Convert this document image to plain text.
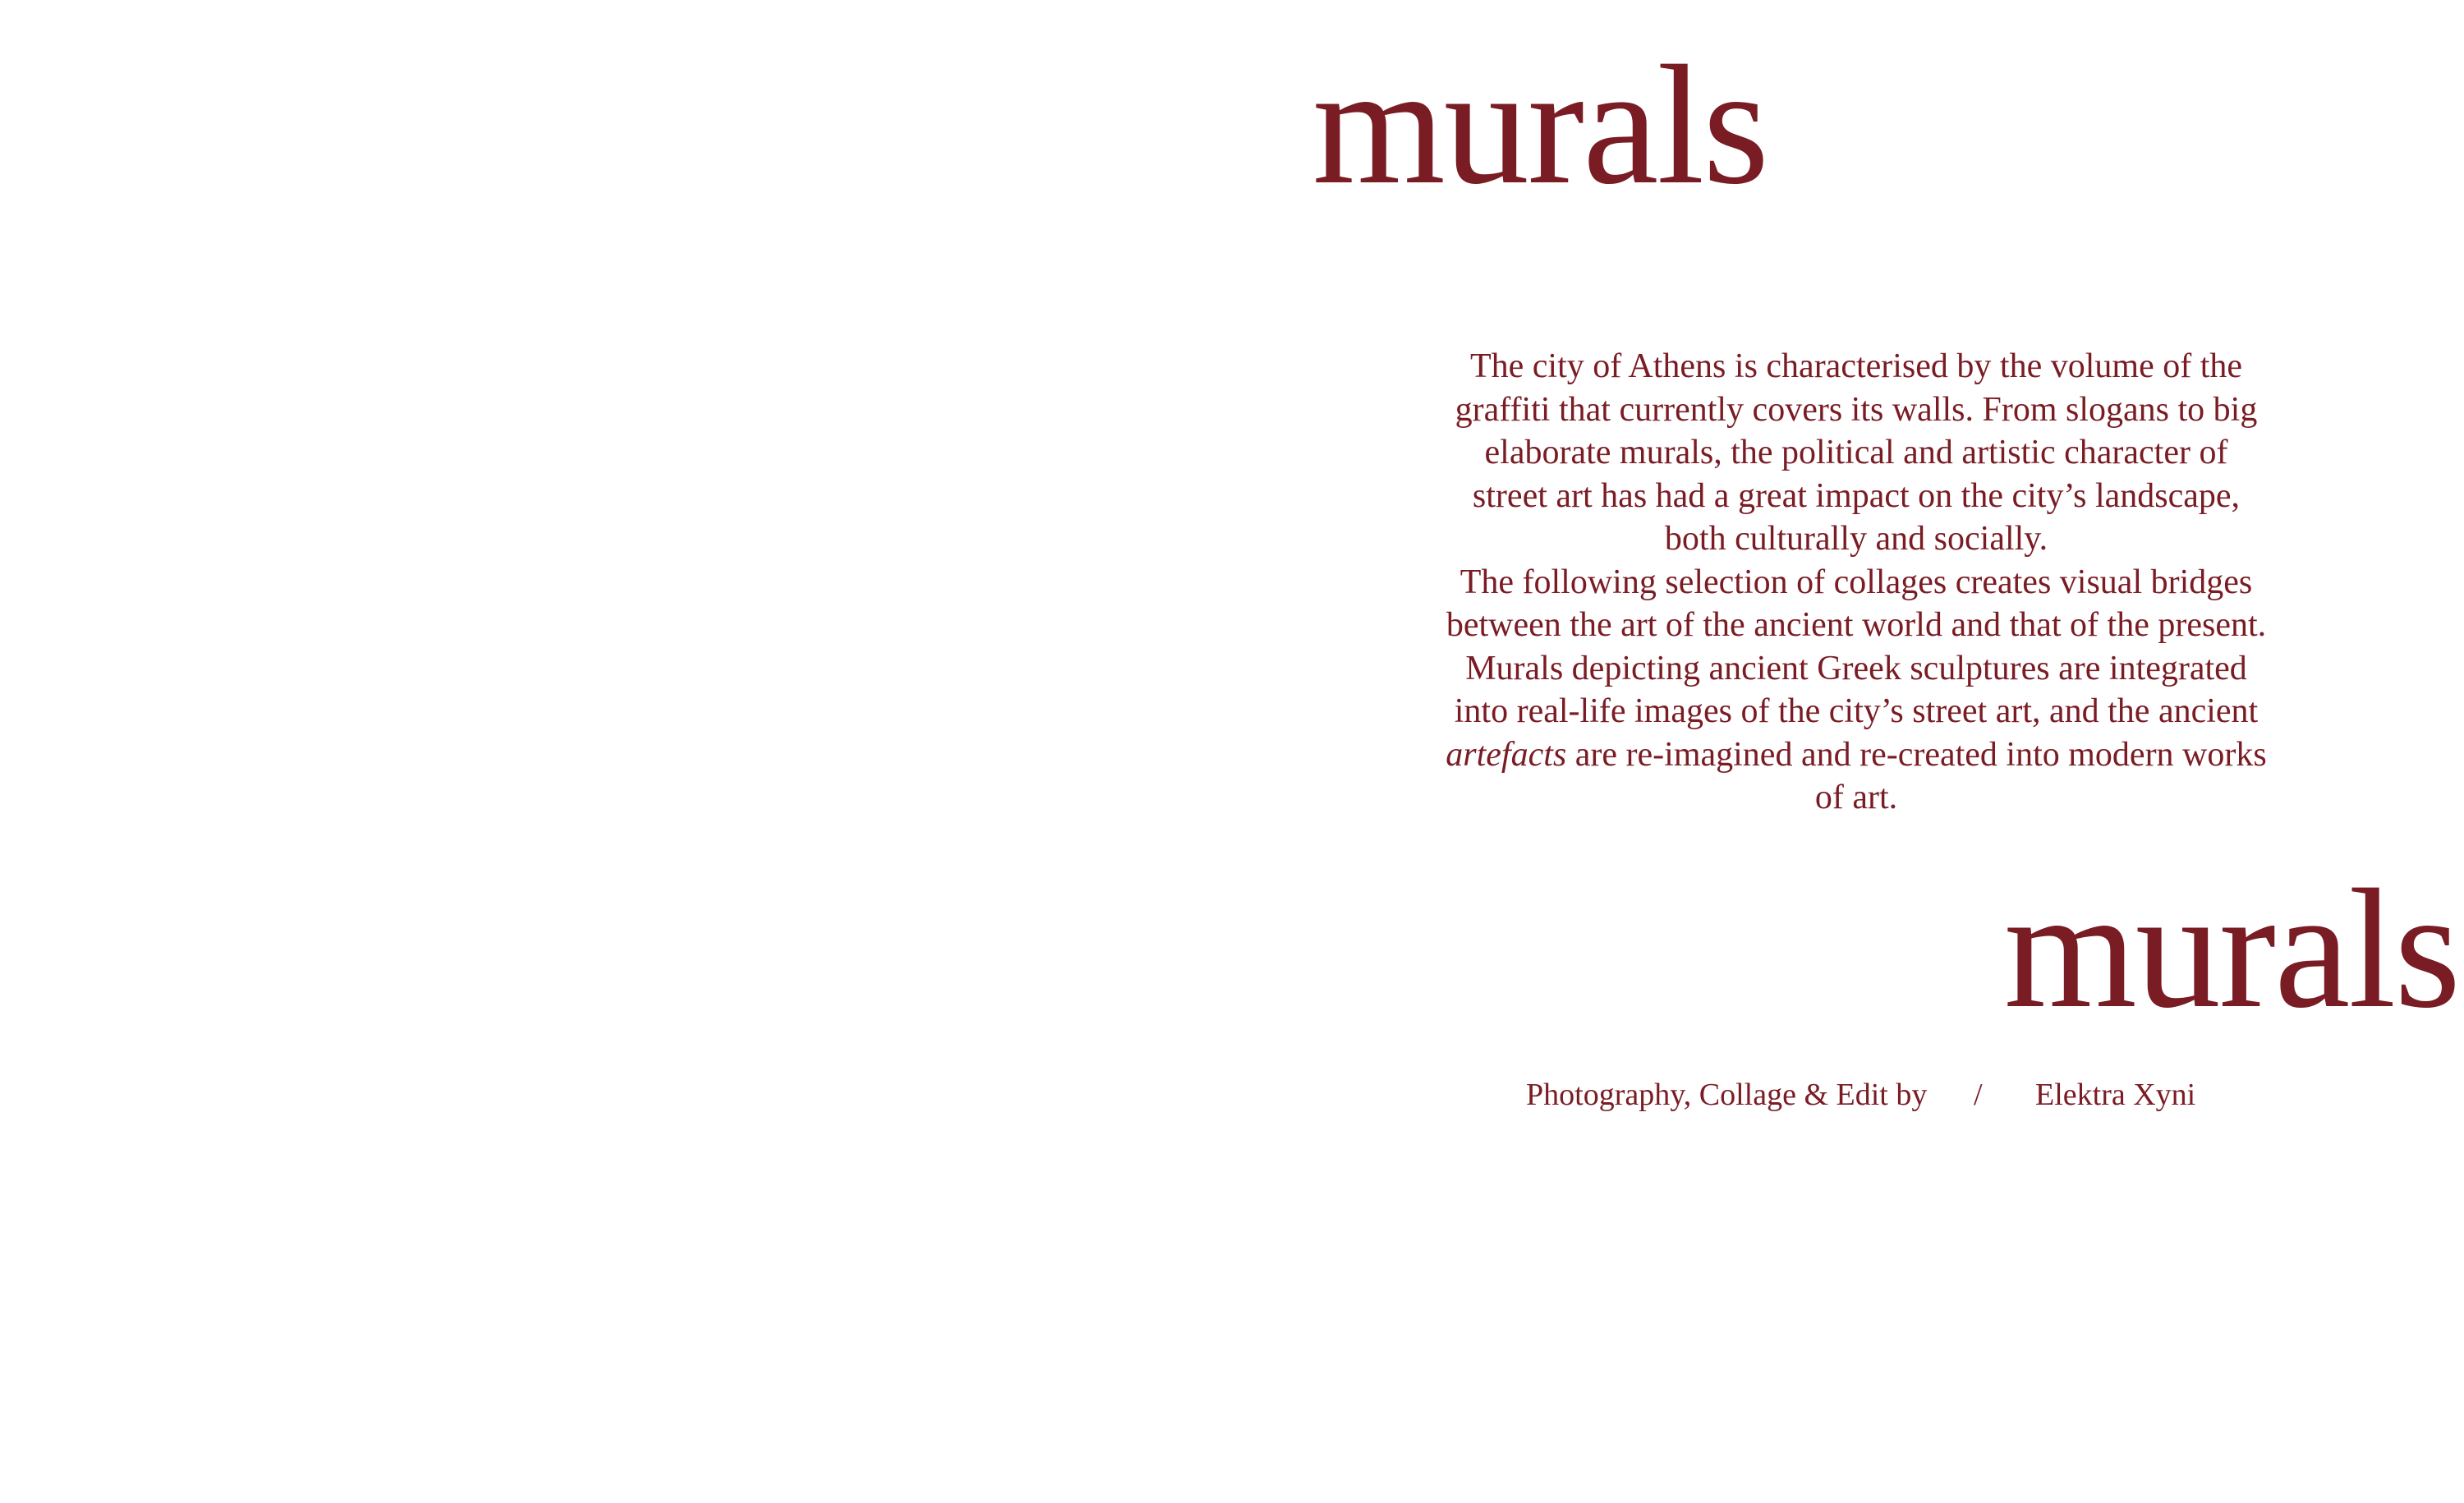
murals

The city of Athens is characterised by the volume of the graffiti that currently covers its walls. From slogans to big elaborate murals, the political and artistic character of street art has had a great impact on the city’s landscape, both culturally and socially.

The following selection of collages creates visual bridges between the art of the ancient world and that of the present. Murals depicting ancient Greek sculptures are integrated into real-life images of the city’s street art, and the ancient artefacts are re-imagined and re-created into modern works of art.

murals
Photography, Collage & Edit by / Elektra Xyni
